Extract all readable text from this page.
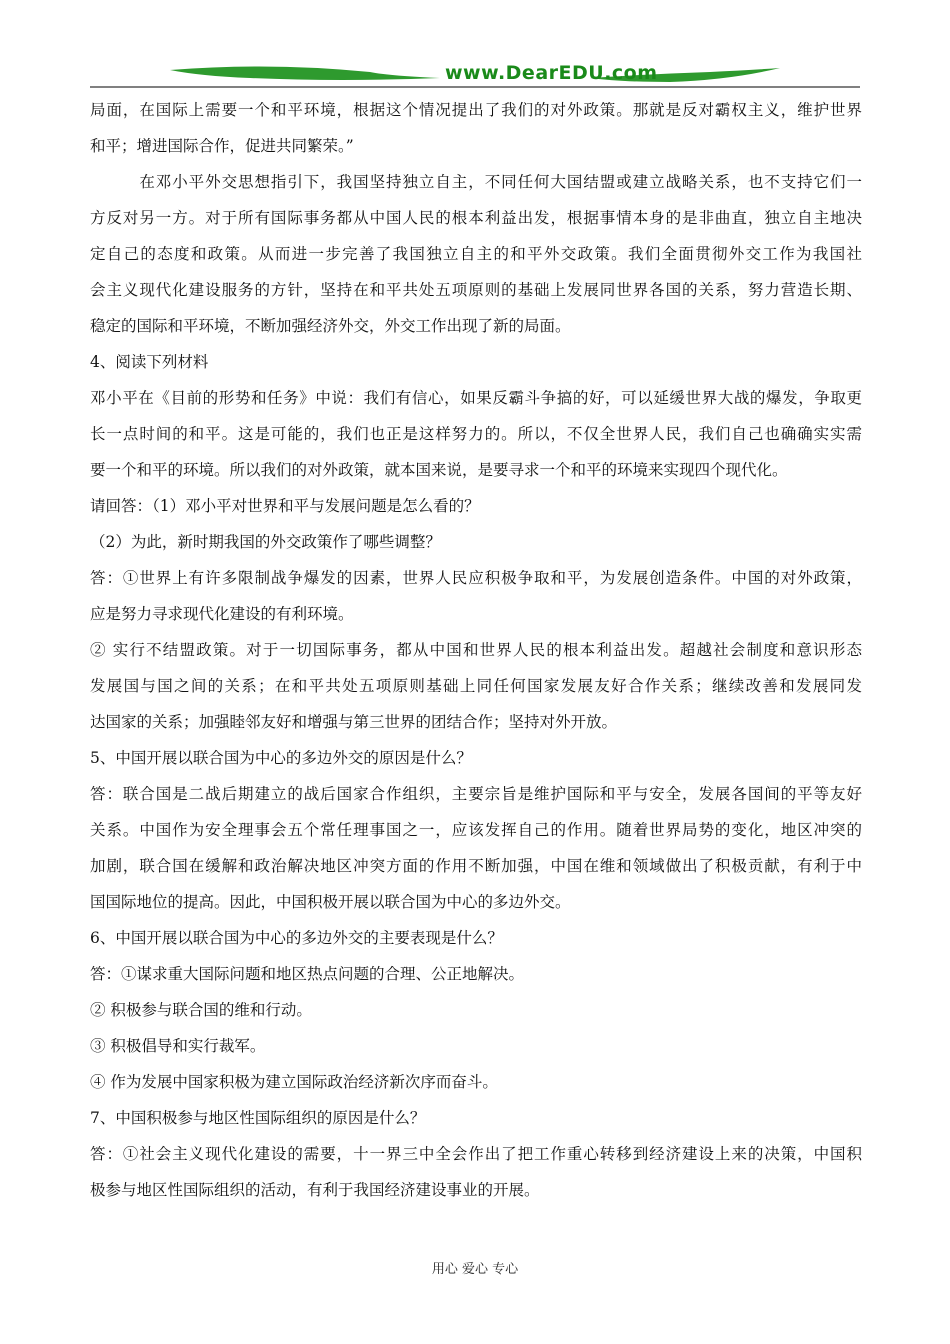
www.DearEDU.com
局面，在国际上需要一个和平环境，根据这个情况提出了我们的对外政策。那就是反对霸权主义，维护世界
和平；增进国际合作，促进共同繁荣。”
　　　在邓小平外交思想指引下，我国坚持独立自主，不同任何大国结盟或建立战略关系，也不支持它们一
方反对另一方。对于所有国际事务都从中国人民的根本利益出发，根据事情本身的是非曲直，独立自主地决
定自己的态度和政策。从而进一步完善了我国独立自主的和平外交政策。我们全面贯彻外交工作为我国社
会主义现代化建设服务的方针，坚持在和平共处五项原则的基础上发展同世界各国的关系，努力营造长期、
稳定的国际和平环境，不断加强经济外交，外交工作出现了新的局面。
4、阅读下列材料
邓小平在《目前的形势和任务》中说：我们有信心，如果反霸斗争搞的好，可以延缓世界大战的爆发，争取更
长一点时间的和平。这是可能的，我们也正是这样努力的。所以，不仅全世界人民，我们自己也确确实实需
要一个和平的环境。所以我们的对外政策，就本国来说，是要寻求一个和平的环境来实现四个现代化。
请回答：（1）邓小平对世界和平与发展问题是怎么看的？
（2）为此，新时期我国的外交政策作了哪些调整？
答：①世界上有许多限制战争爆发的因素，世界人民应积极争取和平，为发展创造条件。中国的对外政策，
应是努力寻求现代化建设的有利环境。
② 实行不结盟政策。对于一切国际事务，都从中国和世界人民的根本利益出发。超越社会制度和意识形态
发展国与国之间的关系；在和平共处五项原则基础上同任何国家发展友好合作关系；继续改善和发展同发
达国家的关系；加强睦邻友好和增强与第三世界的团结合作；坚持对外开放。
5、中国开展以联合国为中心的多边外交的原因是什么？
答：联合国是二战后期建立的战后国家合作组织，主要宗旨是维护国际和平与安全，发展各国间的平等友好
关系。中国作为安全理事会五个常任理事国之一，应该发挥自己的作用。随着世界局势的变化，地区冲突的
加剧，联合国在缓解和政治解决地区冲突方面的作用不断加强，中国在维和领域做出了积极贡献，有利于中
国国际地位的提高。因此，中国积极开展以联合国为中心的多边外交。
6、中国开展以联合国为中心的多边外交的主要表现是什么？
答：①谋求重大国际问题和地区热点问题的合理、公正地解决。
② 积极参与联合国的维和行动。
③ 积极倡导和实行裁军。
④ 作为发展中国家积极为建立国际政治经济新次序而奋斗。
7、中国积极参与地区性国际组织的原因是什么？
答：①社会主义现代化建设的需要，十一界三中全会作出了把工作重心转移到经济建设上来的决策，中国积
极参与地区性国际组织的活动，有利于我国经济建设事业的开展。
用心 爱心 专心
